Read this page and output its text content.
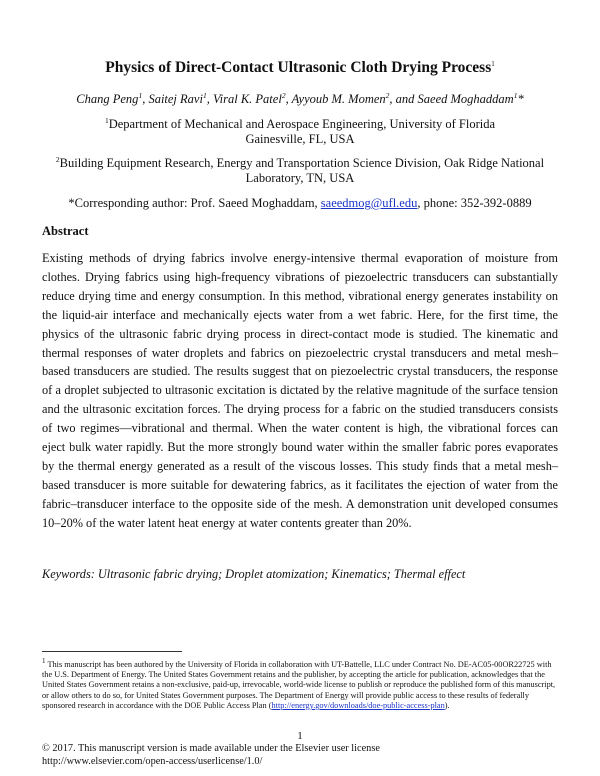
Physics of Direct-Contact Ultrasonic Cloth Drying Process$^1$
Chang Peng$^1$, Saitej Ravi$^1$, Viral K. Patel$^2$, Ayyoub M. Momen$^2$, and Saeed Moghaddam$^1$*
$^1$Department of Mechanical and Aerospace Engineering, University of Florida
Gainesville, FL, USA
$^2$Building Equipment Research, Energy and Transportation Science Division, Oak Ridge National
Laboratory, TN, USA
*Corresponding author: Prof. Saeed Moghaddam, saeedmog@ufl.edu, phone: 352-392-0889
Abstract

Existing methods of drying fabrics involve energy-intensive thermal evaporation of moisture from clothes. Drying fabrics using high-frequency vibrations of piezoelectric transducers can substantially reduce drying time and energy consumption. In this method, vibrational energy generates instability on the liquid-air interface and mechanically ejects water from a wet fabric. Here, for the first time, the physics of the ultrasonic fabric drying process in direct-contact mode is studied. The kinematic and thermal responses of water droplets and fabrics on piezoelectric crystal transducers and metal mesh–based transducers are studied. The results suggest that on piezoelectric crystal transducers, the response of a droplet subjected to ultrasonic excitation is dictated by the relative magnitude of the surface tension and the ultrasonic excitation forces. The drying process for a fabric on the studied transducers consists of two regimes—vibrational and thermal. When the water content is high, the vibrational forces can eject bulk water rapidly. But the more strongly bound water within the smaller fabric pores evaporates by the thermal energy generated as a result of the viscous losses. This study finds that a metal mesh–based transducer is more suitable for dewatering fabrics, as it facilitates the ejection of water from the fabric–transducer interface to the opposite side of the mesh. A demonstration unit developed consumes 10–20% of the water latent heat energy at water contents greater than 20%.

Keywords: Ultrasonic fabric drying; Droplet atomization; Kinematics; Thermal effect

$^1$ This manuscript has been authored by the University of Florida in collaboration with UT-Battelle, LLC under Contract No. DE-AC05-00OR22725 with the U.S. Department of Energy. The United States Government retains and the publisher, by accepting the article for publication, acknowledges that the United States Government retains a non-exclusive, paid-up, irrevocable, world-wide license to publish or reproduce the published form of this manuscript, or allow others to do so, for United States Government purposes. The Department of Energy will provide public access to these results of federally sponsored research in accordance with the DOE Public Access Plan (http://energy.gov/downloads/doe-public-access-plan).

1
© 2017. This manuscript version is made available under the Elsevier user license
http://www.elsevier.com/open-access/userlicense/1.0/
